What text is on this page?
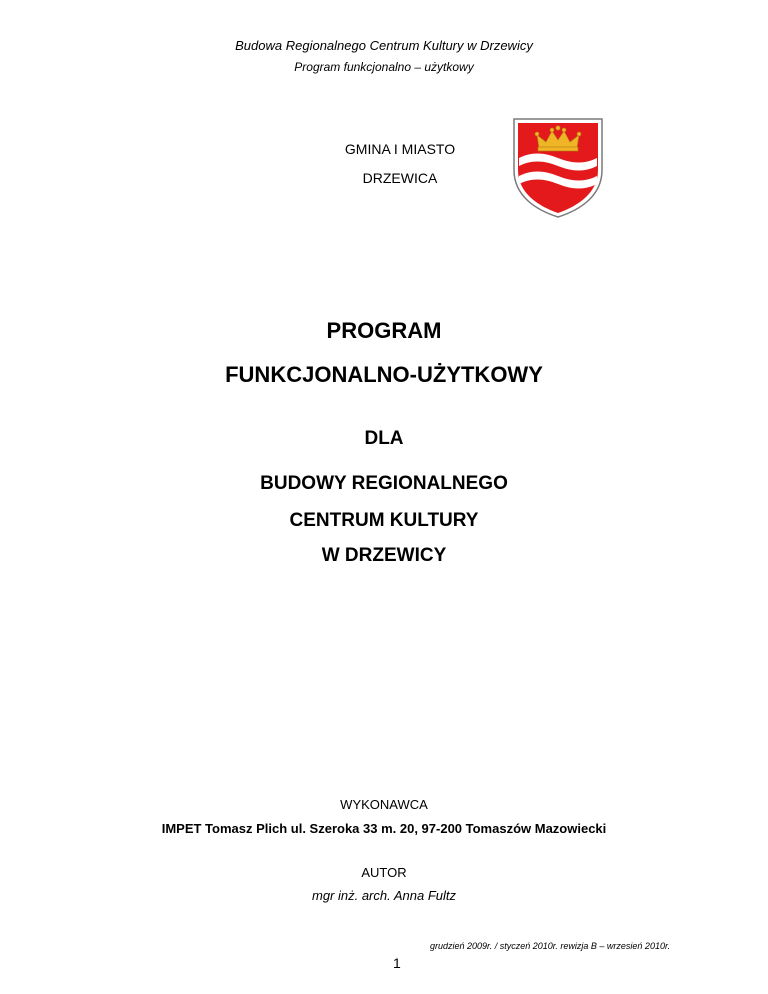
Budowa Regionalnego Centrum Kultury w Drzewicy
Program funkcjonalno – użytkowy
GMINA I MIASTO
DRZEWICA
PROGRAM
FUNKCJONALNO-UŻYTKOWY
DLA
BUDOWY REGIONALNEGO
CENTRUM KULTURY
W DRZEWICY
WYKONAWCA
IMPET Tomasz Plich ul. Szeroka 33 m. 20, 97-200 Tomaszów Mazowiecki
AUTOR
mgr inż. arch. Anna Fultz
grudzień 2009r. / styczeń 2010r. rewizja B – wrzesień 2010r.
1
